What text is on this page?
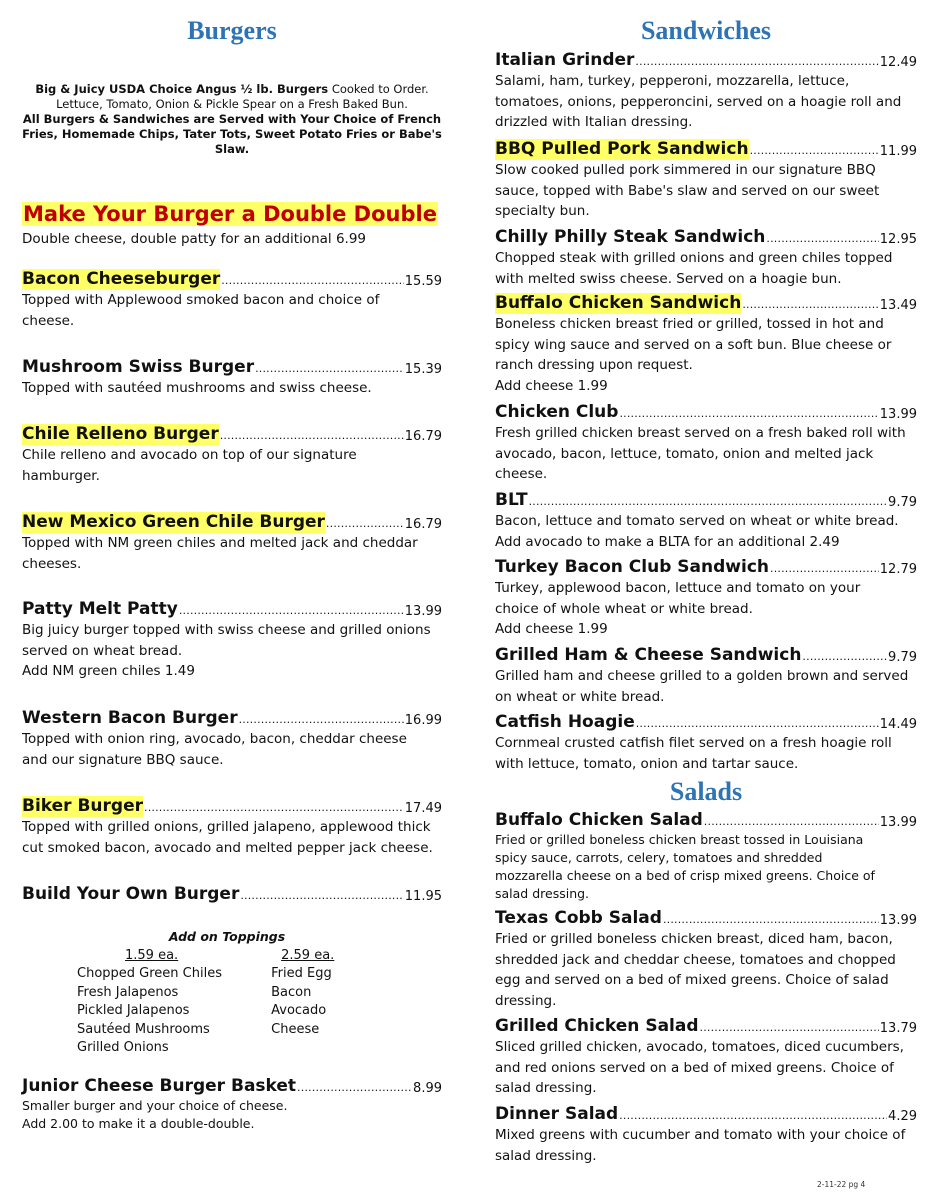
Burgers
Big & Juicy USDA Choice Angus ½ lb. Burgers Cooked to Order. Lettuce, Tomato, Onion & Pickle Spear on a Fresh Baked Bun.
All Burgers & Sandwiches are Served with Your Choice of French Fries, Homemade Chips, Tater Tots, Sweet Potato Fries or Babe's Slaw.
Make Your Burger a Double Double
Double cheese, double patty for an additional 6.99
Bacon Cheeseburger .....	15.59
Topped with Applewood smoked bacon and choice of
cheese.
Mushroom Swiss Burger .....	15.39
Topped with sautéed mushrooms and swiss cheese.
Chile Relleno Burger .....	16.79
Chile relleno and avocado on top of our signature
hamburger.
New Mexico Green Chile Burger .....	16.79
Topped with NM green chiles and melted jack and cheddar
cheeses.
Patty Melt Patty .....	13.99
Big juicy burger topped with swiss cheese and grilled onions
served on wheat bread.
Add NM green chiles 1.49
Western Bacon Burger .....	16.99
Topped with onion ring, avocado, bacon, cheddar cheese
and our signature BBQ sauce.
Biker Burger .....	17.49
Topped with grilled onions, grilled jalapeno, applewood thick
cut smoked bacon, avocado and melted pepper jack cheese.
Build Your Own Burger .....	11.95
Add on Toppings
1.59 ea.
Chopped Green Chiles
Fresh Jalapenos
Pickled Jalapenos
Sautéed Mushrooms
Grilled Onions
2.59 ea.
Fried Egg
Bacon
Avocado
Cheese
Junior Cheese Burger Basket .....	8.99
Smaller burger and your choice of cheese.
Add 2.00 to make it a double-double.
Sandwiches
Italian Grinder .....	12.49
Salami, ham, turkey, pepperoni, mozzarella, lettuce,
tomatoes, onions, pepperoncini, served on a hoagie roll and
drizzled with Italian dressing.
BBQ Pulled Pork Sandwich .....	11.99
Slow cooked pulled pork simmered in our signature BBQ
sauce, topped with Babe's slaw and served on our sweet
specialty bun.
Chilly Philly Steak Sandwich .....	12.95
Chopped steak with grilled onions and green chiles topped
with melted swiss cheese. Served on a hoagie bun.
Buffalo Chicken Sandwich .....	13.49
Boneless chicken breast fried or grilled, tossed in hot and
spicy wing sauce and served on a soft bun. Blue cheese or
ranch dressing upon request.
Add cheese 1.99
Chicken Club .....	13.99
Fresh grilled chicken breast served on a fresh baked roll with
avocado, bacon, lettuce, tomato, onion and melted jack
cheese.
BLT .....	9.79
Bacon, lettuce and tomato served on wheat or white bread.
Add avocado to make a BLTA for an additional 2.49
Turkey Bacon Club Sandwich .....	12.79
Turkey, applewood bacon, lettuce and tomato on your
choice of whole wheat or white bread.
Add cheese 1.99
Grilled Ham & Cheese Sandwich .....	9.79
Grilled ham and cheese grilled to a golden brown and served
on wheat or white bread.
Catfish Hoagie .....	14.49
Cornmeal crusted catfish filet served on a fresh hoagie roll
with lettuce, tomato, onion and tartar sauce.
Salads
Buffalo Chicken Salad .....	13.99
Fried or grilled boneless chicken breast tossed in Louisiana
spicy sauce, carrots, celery, tomatoes and shredded
mozzarella cheese on a bed of crisp mixed greens. Choice of
salad dressing.
Texas Cobb Salad .....	13.99
Fried or grilled boneless chicken breast, diced ham, bacon,
shredded jack and cheddar cheese, tomatoes and chopped
egg and served on a bed of mixed greens. Choice of salad
dressing.
Grilled Chicken Salad .....	13.79
Sliced grilled chicken, avocado, tomatoes, diced cucumbers,
and red onions served on a bed of mixed greens. Choice of
salad dressing.
Dinner Salad .....	4.29
Mixed greens with cucumber and tomato with your choice of
salad dressing.
2-11-22 pg 4
